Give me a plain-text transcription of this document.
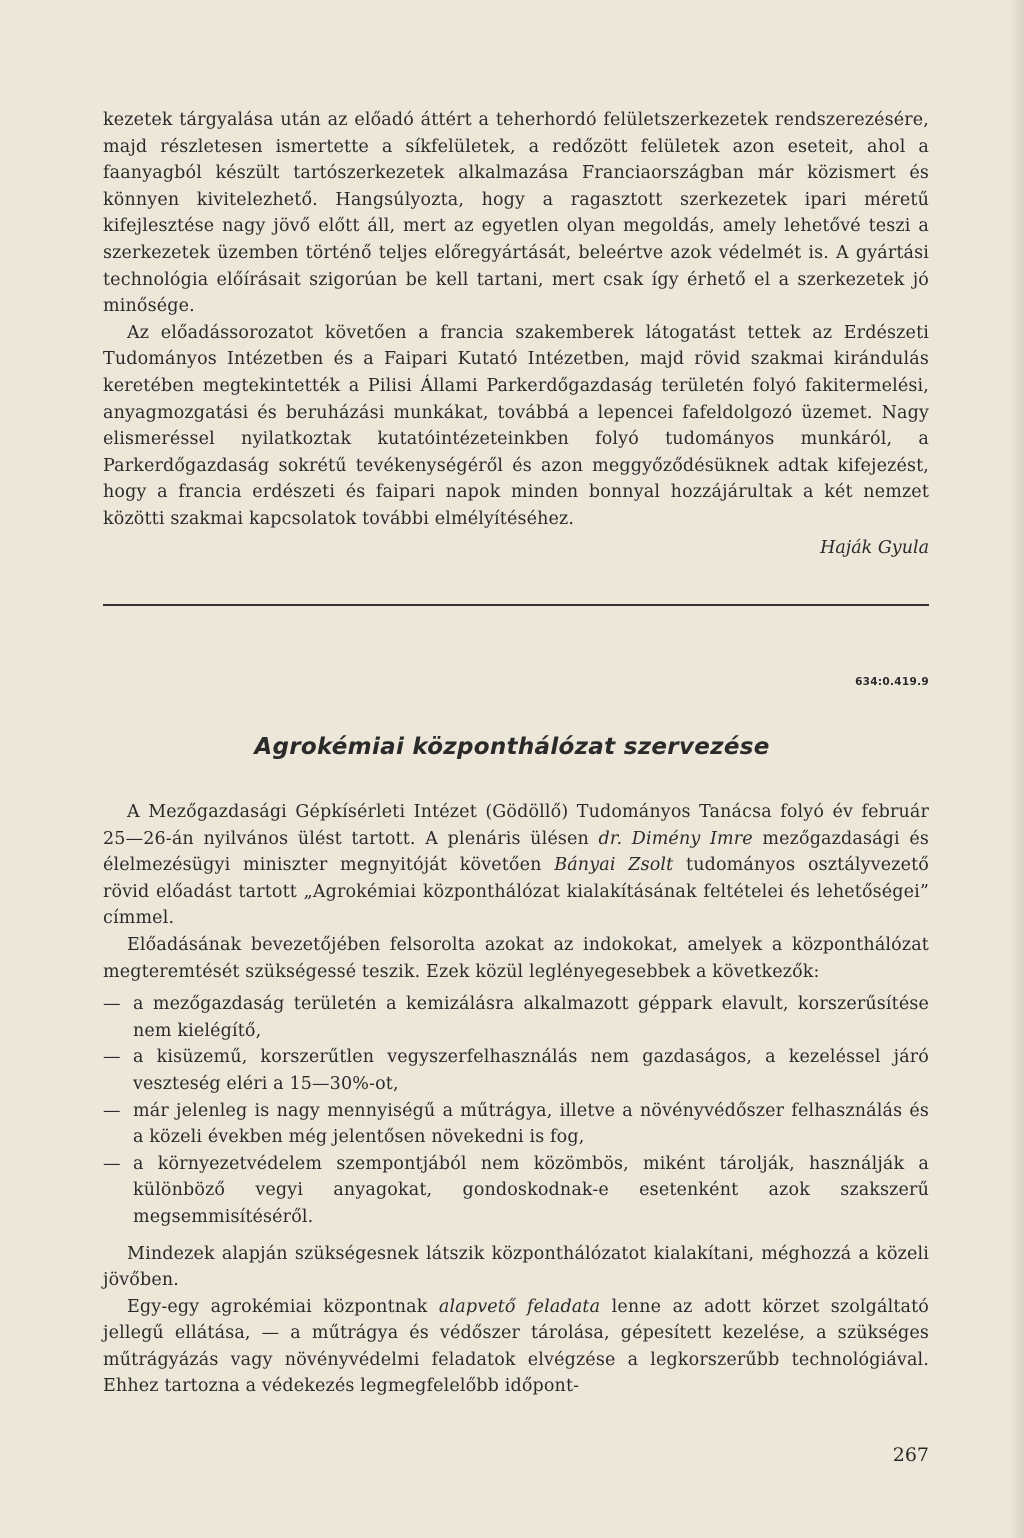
kezetek tárgyalása után az előadó áttért a teherhordó felületszerkezetek rendszerezésére, majd részletesen ismertette a síkfelületek, a redőzött felületek azon eseteit, ahol a faanyagból készült tartószerkezetek alkalmazása Franciaországban már közismert és könnyen kivitelezhető. Hangsúlyozta, hogy a ragasztott szerkezetek ipari méretű kifejlesztése nagy jövő előtt áll, mert az egyetlen olyan megoldás, amely lehetővé teszi a szerkezetek üzemben történő teljes előregyártását, beleértve azok védelmét is. A gyártási technológia előírásait szigorúan be kell tartani, mert csak így érhető el a szerkezetek jó minősége.

Az előadássorozatot követően a francia szakemberek látogatást tettek az Erdészeti Tudományos Intézetben és a Faipari Kutató Intézetben, majd rövid szakmai kirándulás keretében megtekintették a Pilisi Állami Parkerdőgazdaság területén folyó fakitermelési, anyagmozgatási és beruházási munkákat, továbbá a lepencei fafeldolgozó üzemet. Nagy elismeréssel nyilatkoztak kutatóintézeteinkben folyó tudományos munkáról, a Parkerdőgazdaság sokrétű tevékenységéről és azon meggyőződésüknek adtak kifejezést, hogy a francia erdészeti és faipari napok minden bonnyal hozzájárultak a két nemzet közötti szakmai kapcsolatok további elmélyítéséhez.

Haják Gyula
634:0.419.9
Agrokémiai központhálózat szervezése

A Mezőgazdasági Gépkísérleti Intézet (Gödöllő) Tudományos Tanácsa folyó év február 25—26-án nyilvános ülést tartott. A plenáris ülésen dr. Dimény Imre mezőgazdasági és élelmezésügyi miniszter megnyitóját követően Bányai Zsolt tudományos osztályvezető rövid előadást tartott „Agrokémiai központhálózat kialakításának feltételei és lehetőségei” címmel.

Előadásának bevezetőjében felsorolta azokat az indokokat, amelyek a központhálózat megteremtését szükségessé teszik. Ezek közül leglényegesebbek a következők:

— a mezőgazdaság területén a kemizálásra alkalmazott géppark elavult, korszerűsítése nem kielégítő,
— a kisüzemű, korszerűtlen vegyszerfelhasználás nem gazdaságos, a kezeléssel járó veszteség eléri a 15—30%-ot,
— már jelenleg is nagy mennyiségű a műtrágya, illetve a növényvédőszer felhasználás és a közeli években még jelentősen növekedni is fog,
— a környezetvédelem szempontjából nem közömbös, miként tárolják, használják a különböző vegyi anyagokat, gondoskodnak-e esetenként azok szakszerű megsemmisítéséről.

Mindezek alapján szükségesnek látszik központhálózatot kialakítani, méghozzá a közeli jövőben.

Egy-egy agrokémiai központnak alapvető feladata lenne az adott körzet szolgáltató jellegű ellátása, — a műtrágya és védőszer tárolása, gépesített kezelése, a szükséges műtrágyázás vagy növényvédelmi feladatok elvégzése a legkorszerűbb technológiával. Ehhez tartozna a védekezés legmegfelelőbb időpont-

267
